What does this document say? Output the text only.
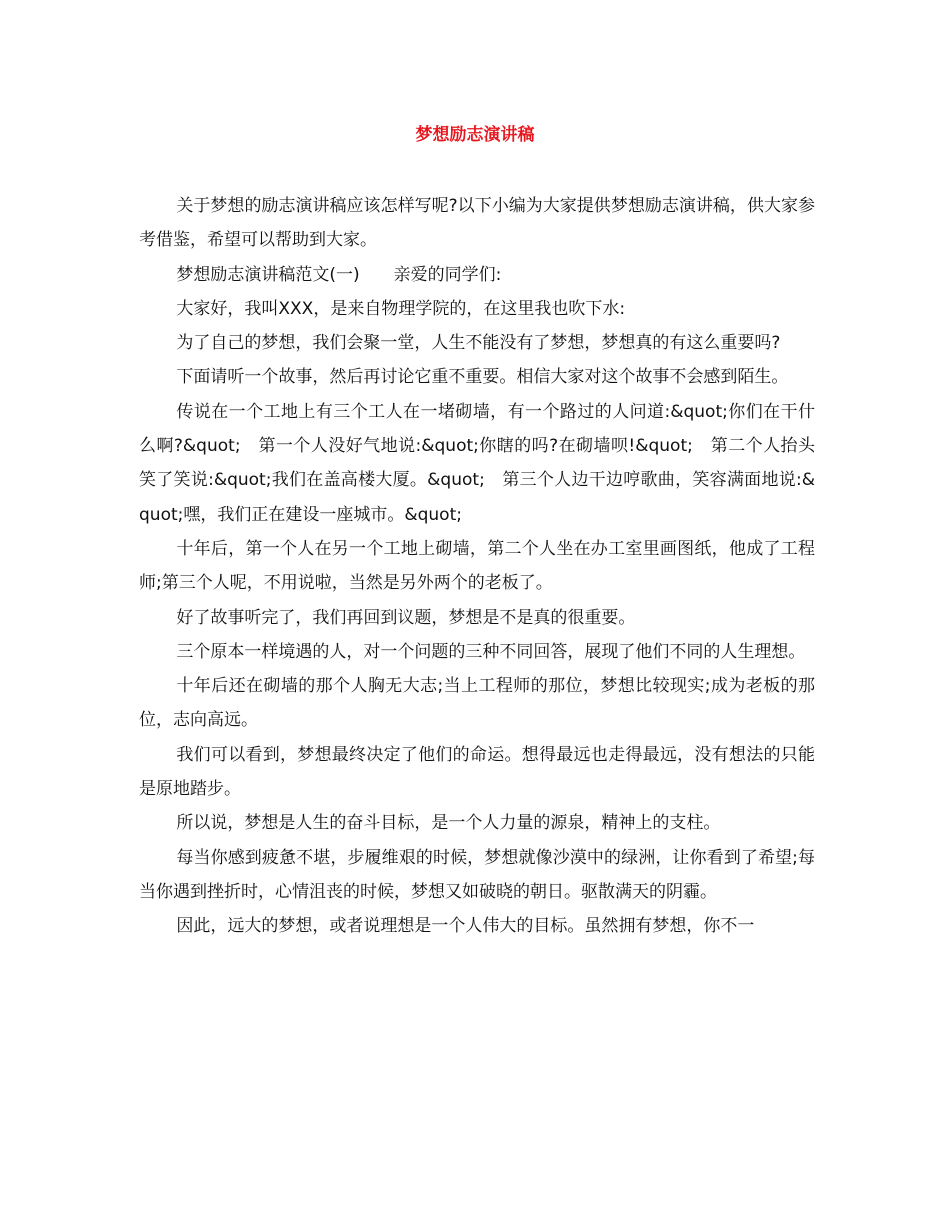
梦想励志演讲稿

关于梦想的励志演讲稿应该怎样写呢?以下小编为大家提供梦想励志演讲稿，供大家参考借鉴，希望可以帮助到大家。

梦想励志演讲稿范文(一)　　亲爱的同学们:

大家好，我叫XXX，是来自物理学院的，在这里我也吹下水:

为了自己的梦想，我们会聚一堂，人生不能没有了梦想，梦想真的有这么重要吗?

下面请听一个故事，然后再讨论它重不重要。相信大家对这个故事不会感到陌生。

传说在一个工地上有三个工人在一堵砌墙，有一个路过的人问道:&quot;你们在干什么啊?&quot;　第一个人没好气地说:&quot;你瞎的吗?在砌墙呗!&quot;　第二个人抬头笑了笑说:&quot;我们在盖高楼大厦。&quot;　第三个人边干边哼歌曲，笑容满面地说:&quot;嘿，我们正在建设一座城市。&quot;

十年后，第一个人在另一个工地上砌墙，第二个人坐在办工室里画图纸，他成了工程师;第三个人呢，不用说啦，当然是另外两个的老板了。

好了故事听完了，我们再回到议题，梦想是不是真的很重要。

三个原本一样境遇的人，对一个问题的三种不同回答，展现了他们不同的人生理想。

十年后还在砌墙的那个人胸无大志;当上工程师的那位，梦想比较现实;成为老板的那位，志向高远。

我们可以看到，梦想最终决定了他们的命运。想得最远也走得最远，没有想法的只能是原地踏步。

所以说，梦想是人生的奋斗目标，是一个人力量的源泉，精神上的支柱。

每当你感到疲惫不堪，步履维艰的时候，梦想就像沙漠中的绿洲，让你看到了希望;每当你遇到挫折时，心情沮丧的时候，梦想又如破晓的朝日。驱散满天的阴霾。

因此，远大的梦想，或者说理想是一个人伟大的目标。虽然拥有梦想，你不一
